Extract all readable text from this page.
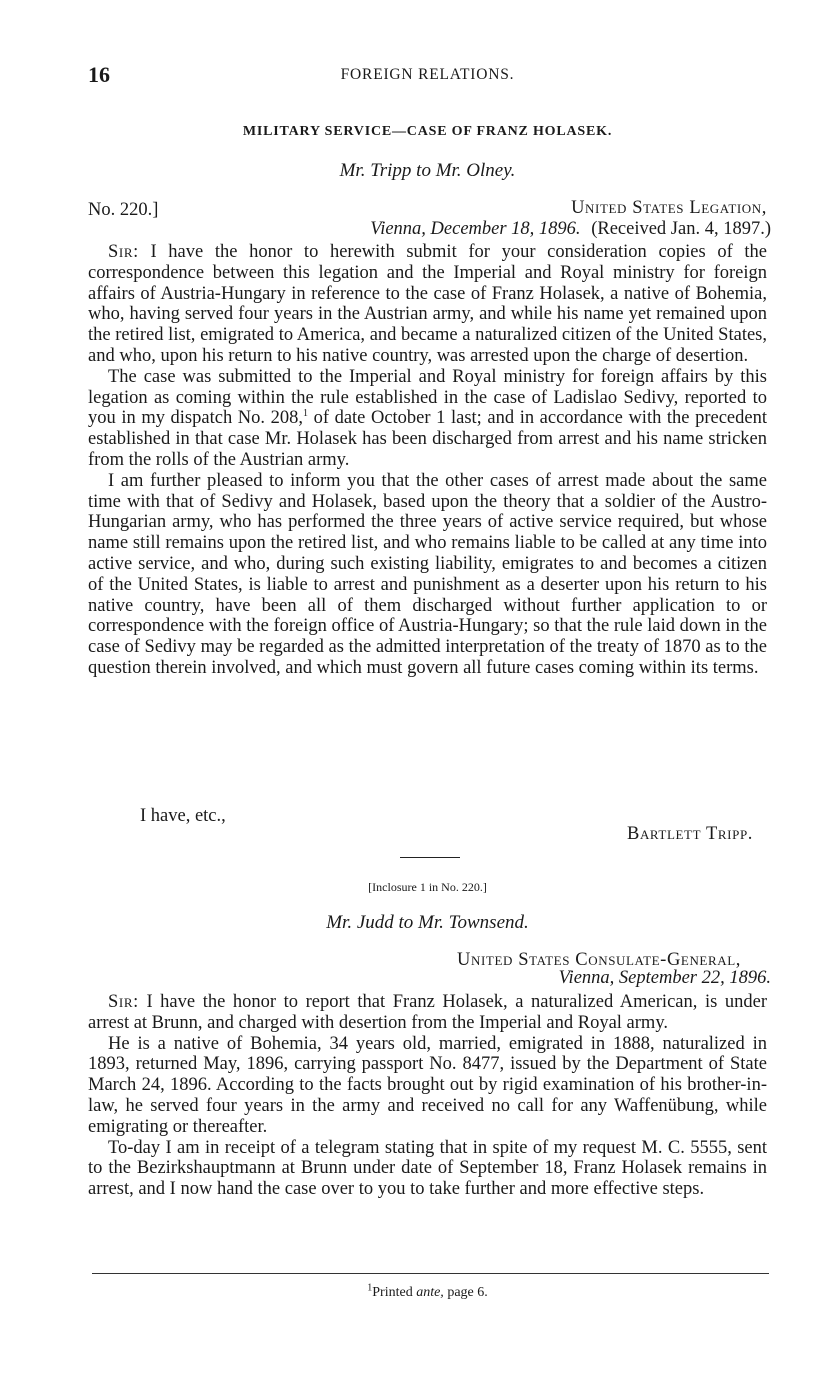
16	FOREIGN RELATIONS.
MILITARY SERVICE—CASE OF FRANZ HOLASEK.
Mr. Tripp to Mr. Olney.
No. 220.]	United States Legation,
Vienna, December 18, 1896. (Received Jan. 4, 1897.)

Sir: I have the honor to herewith submit for your consideration copies of the correspondence between this legation and the Imperial and Royal ministry for foreign affairs of Austria-Hungary in reference to the case of Franz Holasek, a native of Bohemia, who, having served four years in the Austrian army, and while his name yet remained upon the retired list, emigrated to America, and became a naturalized citizen of the United States, and who, upon his return to his native country, was arrested upon the charge of desertion.

The case was submitted to the Imperial and Royal ministry for foreign affairs by this legation as coming within the rule established in the case of Ladislao Sedivy, reported to you in my dispatch No. 208,$^1$ of date October 1 last; and in accordance with the precedent established in that case Mr. Holasek has been discharged from arrest and his name stricken from the rolls of the Austrian army.

I am further pleased to inform you that the other cases of arrest made about the same time with that of Sedivy and Holasek, based upon the theory that a soldier of the Austro-Hungarian army, who has performed the three years of active service required, but whose name still remains upon the retired list, and who remains liable to be called at any time into active service, and who, during such existing liability, emigrates to and becomes a citizen of the United States, is liable to arrest and punishment as a deserter upon his return to his native country, have been all of them discharged without further application to or correspondence with the foreign office of Austria-Hungary; so that the rule laid down in the case of Sedivy may be regarded as the admitted interpretation of the treaty of 1870 as to the question therein involved, and which must govern all future cases coming within its terms.

I have, etc.,
Bartlett Tripp.
[Inclosure 1 in No. 220.]
Mr. Judd to Mr. Townsend.
United States Consulate-General,
Vienna, September 22, 1896.

Sir: I have the honor to report that Franz Holasek, a naturalized American, is under arrest at Brunn, and charged with desertion from the Imperial and Royal army.

He is a native of Bohemia, 34 years old, married, emigrated in 1888, naturalized in 1893, returned May, 1896, carrying passport No. 8477, issued by the Department of State March 24, 1896. According to the facts brought out by rigid examination of his brother-in-law, he served four years in the army and received no call for any Waffenübung, while emigrating or thereafter.

To-day I am in receipt of a telegram stating that in spite of my request M. C. 5555, sent to the Bezirkshauptmann at Brunn under date of September 18, Franz Holasek remains in arrest, and I now hand the case over to you to take further and more effective steps.

$^1$Printed ante, page 6.
